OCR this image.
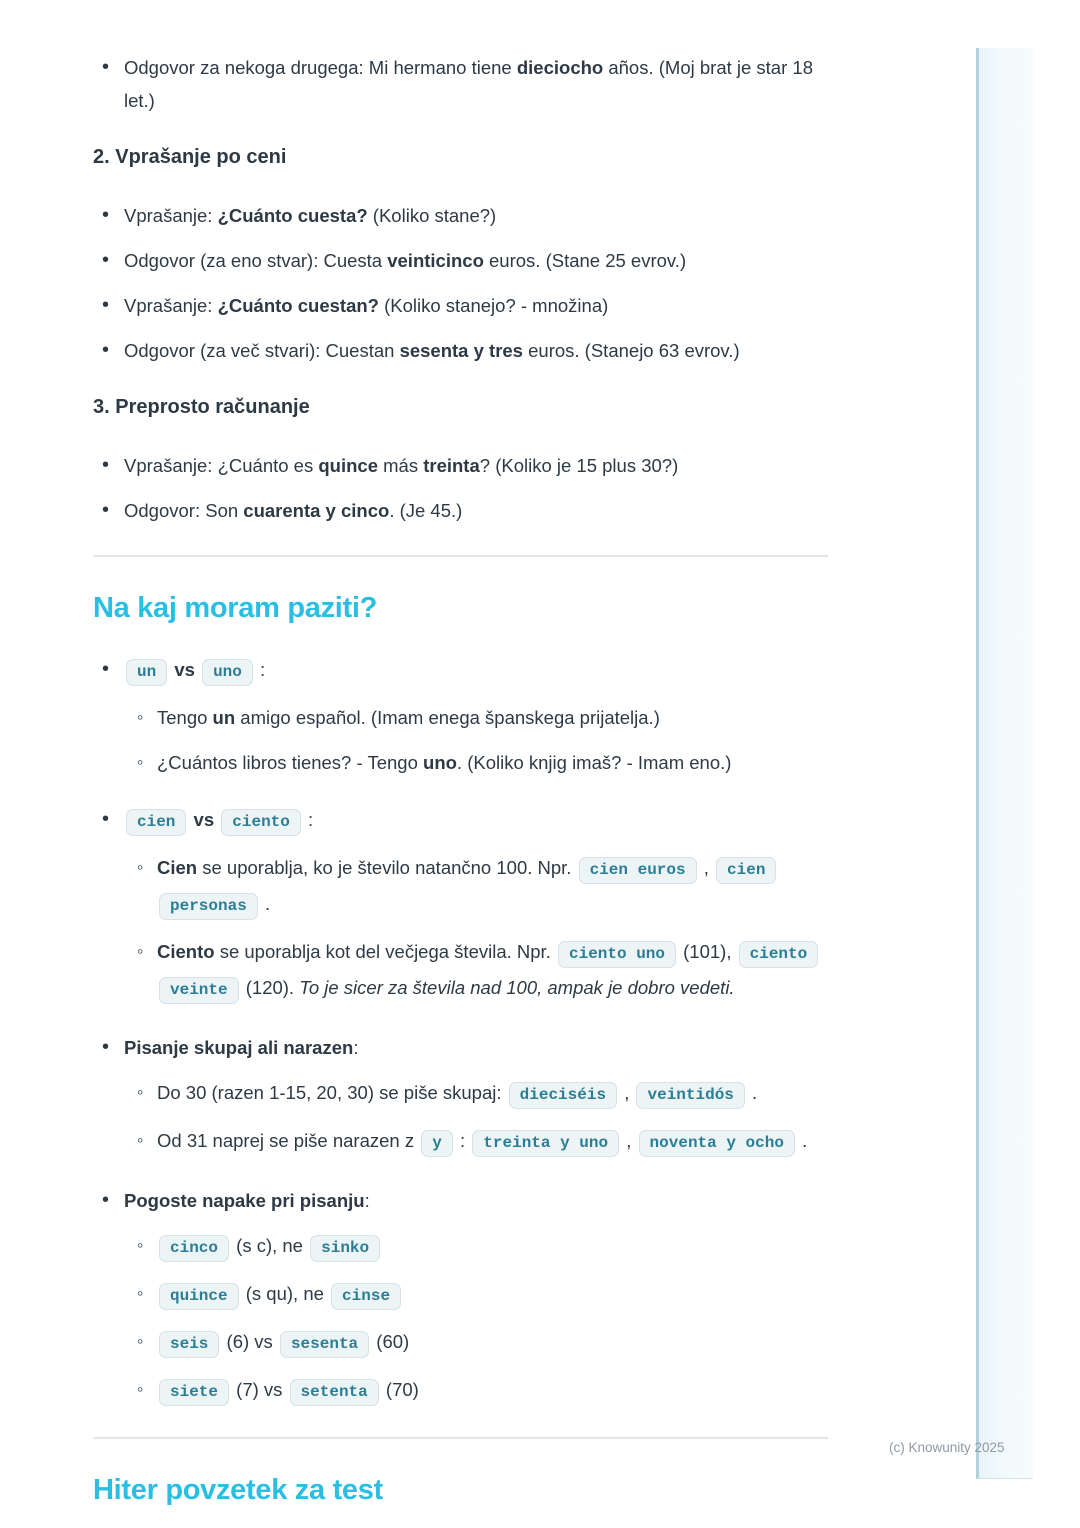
• Odgovor za nekoga drugega: Mi hermano tiene dieciocho años. (Moj brat je star 18 let.)
2. Vprašanje po ceni
• Vprašanje: ¿Cuánto cuesta? (Koliko stane?)
• Odgovor (za eno stvar): Cuesta veinticinco euros. (Stane 25 evrov.)
• Vprašanje: ¿Cuánto cuestan? (Koliko stanejo? - množina)
• Odgovor (za več stvari): Cuestan sesenta y tres euros. (Stanejo 63 evrov.)
3. Preprosto računanje
• Vprašanje: ¿Cuánto es quince más treinta? (Koliko je 15 plus 30?)
• Odgovor: Son cuarenta y cinco. (Je 45.)
Na kaj moram paziti?
• un vs uno :
◦ Tengo un amigo español. (Imam enega španskega prijatelja.)
◦ ¿Cuántos libros tienes? - Tengo uno. (Koliko knjig imaš? - Imam eno.)
• cien vs ciento :
◦ Cien se uporablja, ko je število natančno 100. Npr. cien euros , cien personas .
◦ Ciento se uporablja kot del večjega števila. Npr. ciento uno (101), ciento veinte (120). To je sicer za števila nad 100, ampak je dobro vedeti.
• Pisanje skupaj ali narazen:
◦ Do 30 (razen 1-15, 20, 30) se piše skupaj: dieciséis , veintidós .
◦ Od 31 naprej se piše narazen z y : treinta y uno , noventa y ocho .
• Pogoste napake pri pisanju:
◦ cinco (s c), ne sinko
◦ quince (s qu), ne cinse
◦ seis (6) vs sesenta (60)
◦ siete (7) vs setenta (70)
Hiter povzetek za test
(c) Knowunity 2025
